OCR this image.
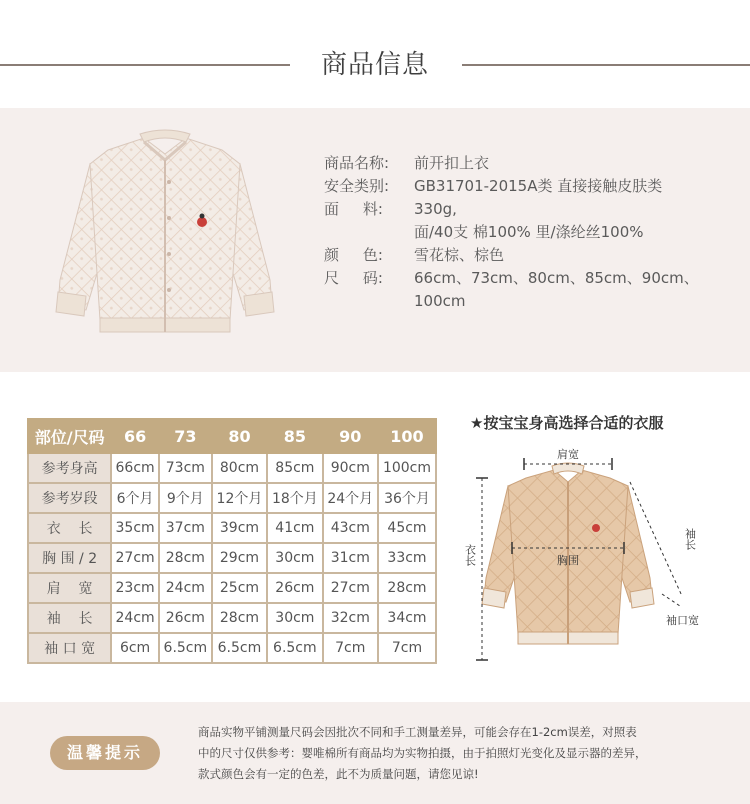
商品信息
商品名称:	前开扣上衣
安全类别:	GB31701-2015A类 直接接触皮肤类
面     料:	330g,
面/40支 棉100% 里/涤纶丝100%
颜     色:	雪花棕、棕色
尺     码:	66cm、73cm、80cm、85cm、90cm、
100cm
部位/尺码	66	73	80	85	90	100
参考身高	66cm	73cm	80cm	85cm	90cm	100cm
参考岁段	6个月	9个月	12个月	18个月	24个月	36个月
衣    长	35cm	37cm	39cm	41cm	43cm	45cm
胸 围 / 2	27cm	28cm	29cm	30cm	31cm	33cm
肩    宽	23cm	24cm	25cm	26cm	27cm	28cm
袖    长	24cm	26cm	28cm	30cm	32cm	34cm
袖 口 宽	6cm	6.5cm	6.5cm	6.5cm	7cm	7cm
★按宝宝身高选择合适的衣服
肩宽
胸围
衣长
袖长
袖口宽
温馨提示
商品实物平铺测量尺码会因批次不同和手工测量差异，可能会存在1-2cm误差，对照表
中的尺寸仅供参考：婴唯棉所有商品均为实物拍摄，由于拍照灯光变化及显示器的差异，
款式颜色会有一定的色差，此不为质量问题，请您见谅!
